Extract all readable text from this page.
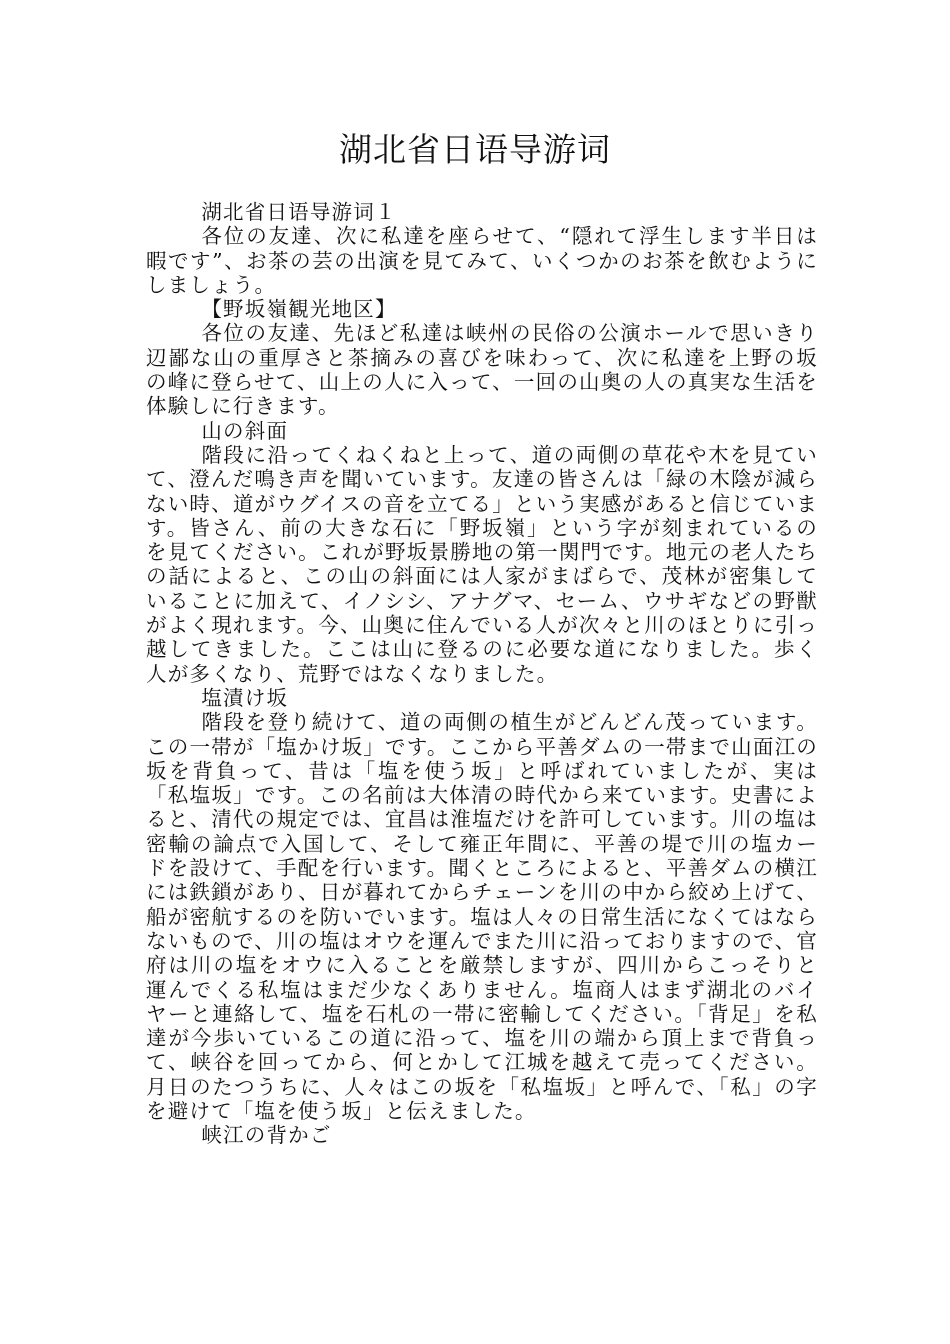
湖北省日语导游词

湖北省日语导游词１

各位の友達、次に私達を座らせて、“隠れて浮生します半日は暇です”、お茶の芸の出演を見てみて、いくつかのお茶を飲むようにしましょう。

【野坂嶺観光地区】

各位の友達、先ほど私達は峡州の民俗の公演ホールで思いきり辺鄙な山の重厚さと茶摘みの喜びを味わって、次に私達を上野の坂の峰に登らせて、山上の人に入って、一回の山奥の人の真実な生活を体験しに行きます。

山の斜面

階段に沿ってくねくねと上って、道の両側の草花や木を見ていて、澄んだ鳴き声を聞いています。友達の皆さんは「緑の木陰が減らない時、道がウグイスの音を立てる」という実感があると信じています。皆さん、前の大きな石に「野坂嶺」という字が刻まれているのを見てください。これが野坂景勝地の第一関門です。地元の老人たちの話によると、この山の斜面には人家がまばらで、茂林が密集していることに加えて、イノシシ、アナグマ、セーム、ウサギなどの野獣がよく現れます。今、山奥に住んでいる人が次々と川のほとりに引っ越してきました。ここは山に登るのに必要な道になりました。歩く人が多くなり、荒野ではなくなりました。

塩漬け坂

階段を登り続けて、道の両側の植生がどんどん茂っています。この一帯が「塩かけ坂」です。ここから平善ダムの一帯まで山面江の坂を背負って、昔は「塩を使う坂」と呼ばれていましたが、実は「私塩坂」です。この名前は大体清の時代から来ています。史書によると、清代の規定では、宜昌は淮塩だけを許可しています。川の塩は密輸の論点で入国して、そして雍正年間に、平善の堤で川の塩カードを設けて、手配を行います。聞くところによると、平善ダムの横江には鉄鎖があり、日が暮れてからチェーンを川の中から絞め上げて、船が密航するのを防いでいます。塩は人々の日常生活になくてはならないもので、川の塩はオウを運んでまた川に沿っておりますので、官府は川の塩をオウに入ることを厳禁しますが、四川からこっそりと運んでくる私塩はまだ少なくありません。塩商人はまず湖北のバイヤーと連絡して、塩を石札の一帯に密輸してください。「背足」を私達が今歩いているこの道に沿って、塩を川の端から頂上まで背負って、峡谷を回ってから、何とかして江城を越えて売ってください。月日のたつうちに、人々はこの坂を「私塩坂」と呼んで、「私」の字を避けて「塩を使う坂」と伝えました。

峡江の背かご
